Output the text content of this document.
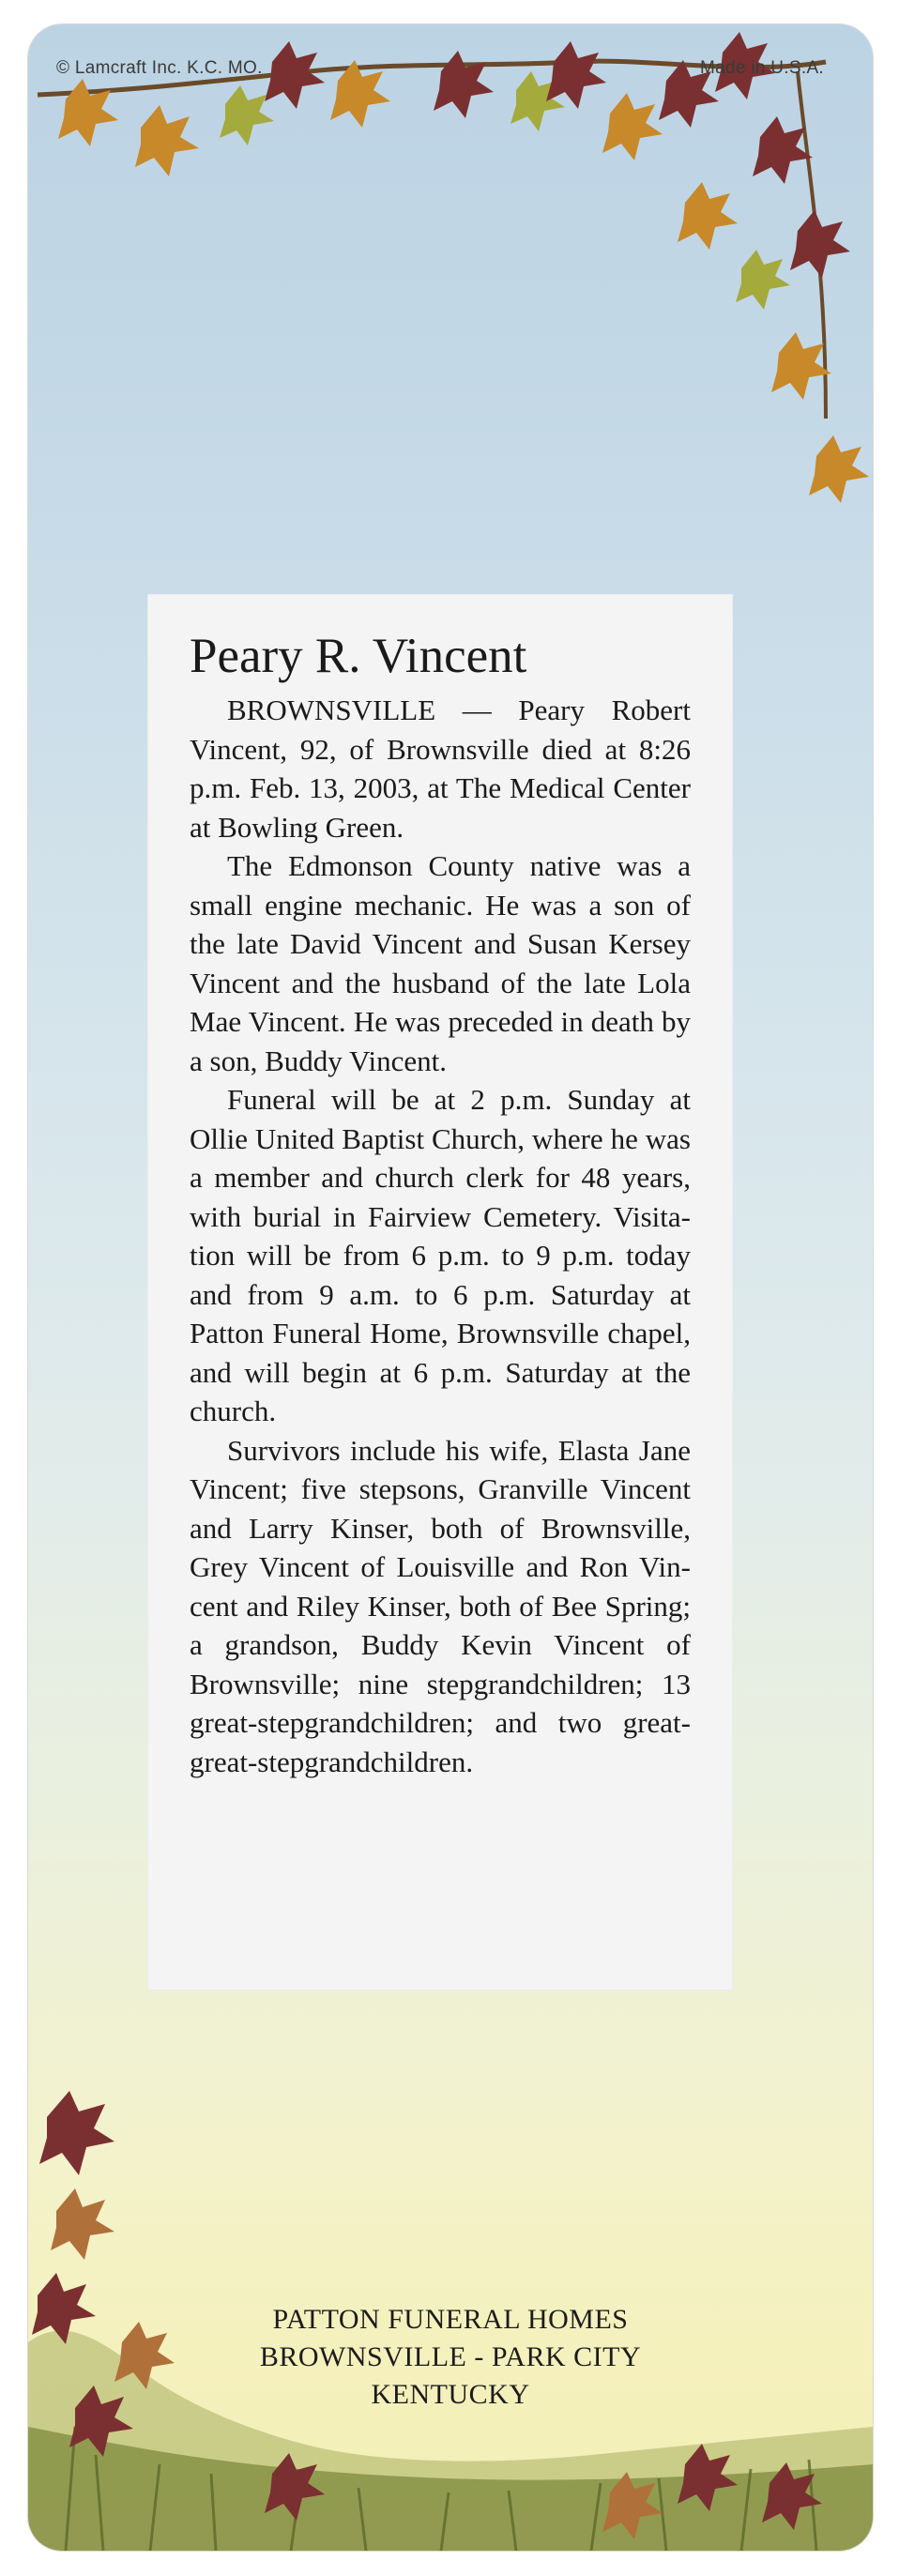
© Lamcraft Inc. K.C. MO.	Made in U.S.A.
Peary R. Vincent

BROWNSVILLE — Peary Robert Vincent, 92, of Brownsville died at 8:26 p.m. Feb. 13, 2003, at The Medical Center at Bowling Green.

The Edmonson County native was a small engine mechanic. He was a son of the late David Vincent and Susan Kersey Vincent and the husband of the late Lola Mae Vincent. He was preceded in death by a son, Buddy Vincent.

Funeral will be at 2 p.m. Sunday at Ollie United Baptist Church, where he was a member and church clerk for 48 years, with burial in Fairview Cemetery. Visitation will be from 6 p.m. to 9 p.m. today and from 9 a.m. to 6 p.m. Saturday at Patton Funeral Home, Brownsville chapel, and will begin at 6 p.m. Saturday at the church.

Survivors include his wife, Elasta Jane Vincent; five stepsons, Granville Vincent and Larry Kinser, both of Brownsville, Grey Vincent of Louisville and Ron Vincent and Riley Kinser, both of Bee Spring; a grandson, Buddy Kevin Vincent of Brownsville; nine stepgrandchildren; 13 great-stepgrandchildren; and two great-great-stepgrandchildren.

PATTON FUNERAL HOMES
BROWNSVILLE - PARK CITY
KENTUCKY
